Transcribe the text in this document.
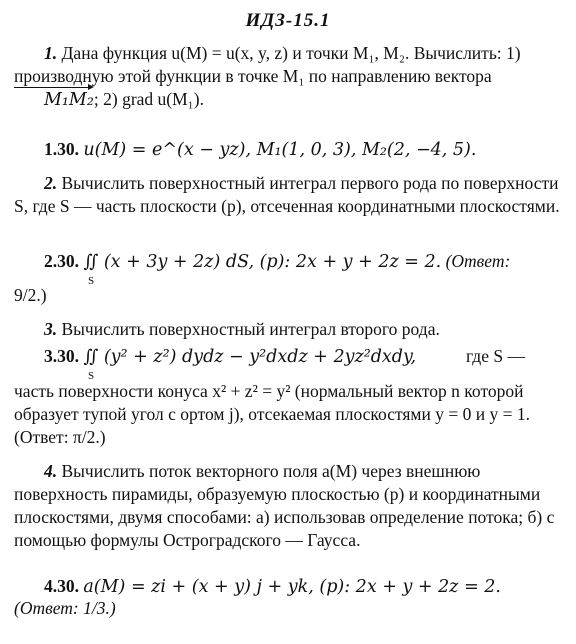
ИДЗ-15.1
1. Дана функция u(M) = u(x, y, z) и точки M₁, M₂. Вычислить: 1) производную этой функции в точке M₁ по направлению вектора M₁M₂; 2) grad u(M₁).
1.30. u(M) = e^(x − yz), M₁(1, 0, 3), M₂(2, −4, 5).
2. Вычислить поверхностный интеграл первого рода по поверхности S, где S — часть плоскости (p), отсеченная координатными плоскостями.
2.30. ∬ (x + 3y + 2z) dS, (p): 2x + y + 2z = 2. (Ответ:
S
9/2.)
3. Вычислить поверхностный интеграл второго рода.
3.30. ∬ (y² + z²) dydz − y²dxdz + 2yz²dxdy,	где S —
S
часть поверхности конуса x² + z² = y² (нормальный вектор n которой образует тупой угол с ортом j), отсекаемая плоскостями y = 0 и y = 1. (Ответ: π/2.)
4. Вычислить поток векторного поля a(M) через внешнюю поверхность пирамиды, образуемую плоскостью (p) и координатными плоскостями, двумя способами: а) использовав определение потока; б) с помощью формулы Остроградского — Гаусса.
4.30. a(M) = zi + (x + y) j + yk, (p): 2x + y + 2z = 2.
(Ответ: 1/3.)
